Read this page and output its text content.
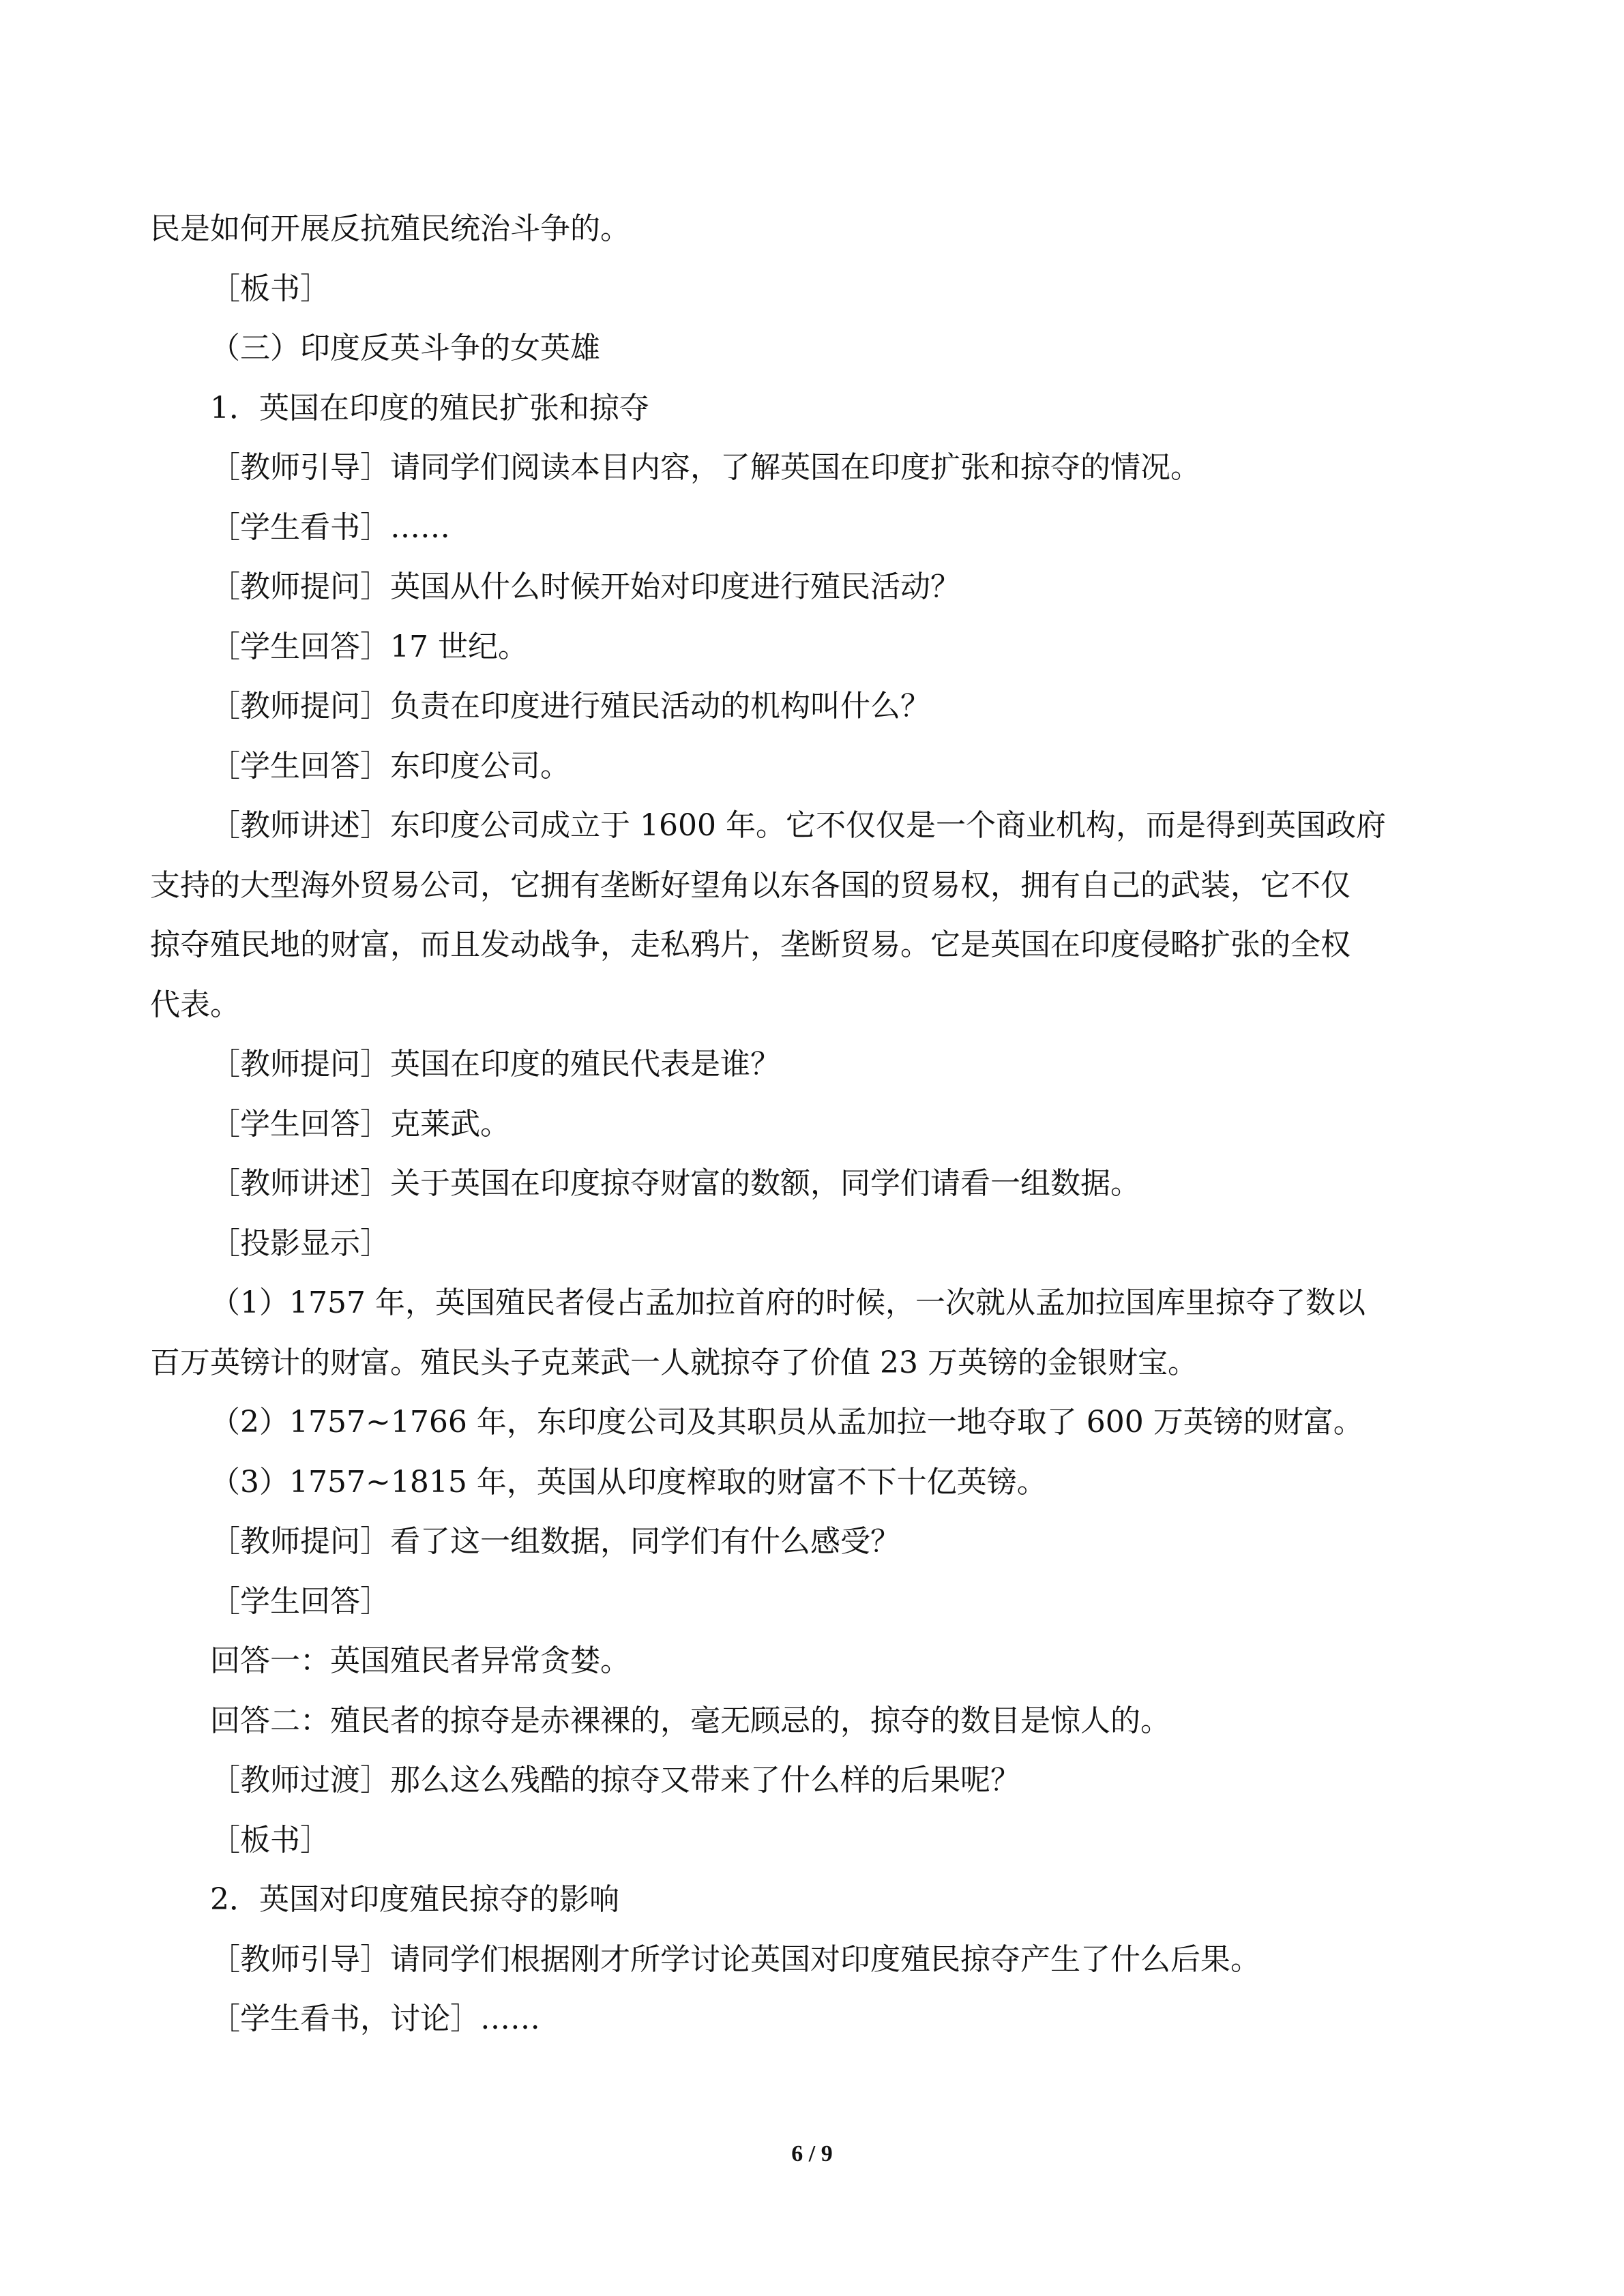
民是如何开展反抗殖民统治斗争的。
［板书］
（三）印度反英斗争的女英雄
1．英国在印度的殖民扩张和掠夺
［教师引导］请同学们阅读本目内容，了解英国在印度扩张和掠夺的情况。
［学生看书］……
［教师提问］英国从什么时候开始对印度进行殖民活动？
［学生回答］17 世纪。
［教师提问］负责在印度进行殖民活动的机构叫什么？
［学生回答］东印度公司。
［教师讲述］东印度公司成立于 1600 年。它不仅仅是一个商业机构，而是得到英国政府
支持的大型海外贸易公司，它拥有垄断好望角以东各国的贸易权，拥有自己的武装，它不仅
掠夺殖民地的财富，而且发动战争，走私鸦片，垄断贸易。它是英国在印度侵略扩张的全权
代表。
［教师提问］英国在印度的殖民代表是谁？
［学生回答］克莱武。
［教师讲述］关于英国在印度掠夺财富的数额，同学们请看一组数据。
［投影显示］
（1）1757 年，英国殖民者侵占孟加拉首府的时候，一次就从孟加拉国库里掠夺了数以
百万英镑计的财富。殖民头子克莱武一人就掠夺了价值 23 万英镑的金银财宝。
（2）1757~1766 年，东印度公司及其职员从孟加拉一地夺取了 600 万英镑的财富。
（3）1757~1815 年，英国从印度榨取的财富不下十亿英镑。
［教师提问］看了这一组数据，同学们有什么感受？
［学生回答］
回答一：英国殖民者异常贪婪。
回答二：殖民者的掠夺是赤裸裸的，毫无顾忌的，掠夺的数目是惊人的。
［教师过渡］那么这么残酷的掠夺又带来了什么样的后果呢？
［板书］
2．英国对印度殖民掠夺的影响
［教师引导］请同学们根据刚才所学讨论英国对印度殖民掠夺产生了什么后果。
［学生看书，讨论］……
6 / 9
